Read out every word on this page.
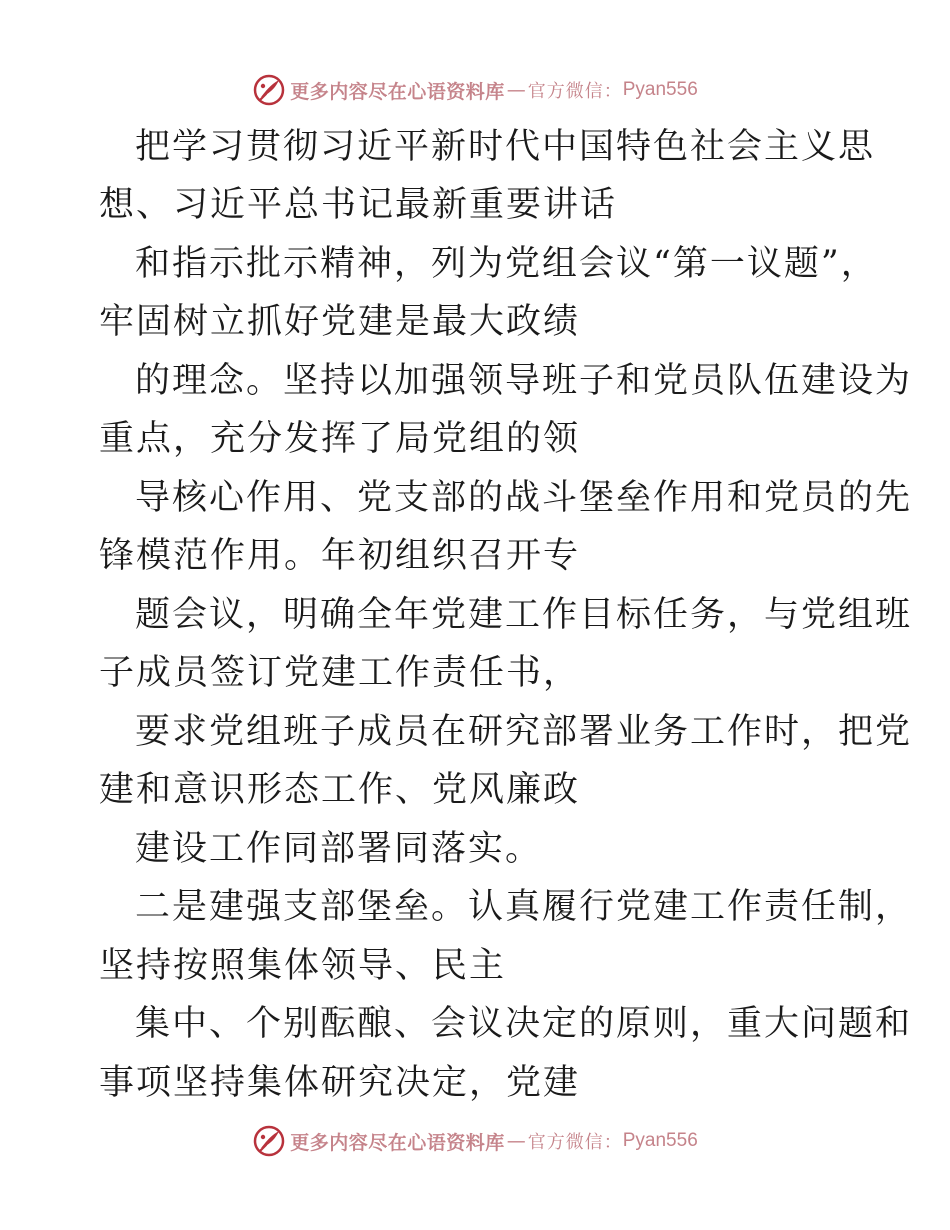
更多内容尽在心语资料库 — 官方微信： Pyan556
把学习贯彻习近平新时代中国特色社会主义思
想、习近平总书记最新重要讲话
和指示批示精神，列为党组会议“第一议题”，
牢固树立抓好党建是最大政绩
的理念。坚持以加强领导班子和党员队伍建设为
重点，充分发挥了局党组的领
导核心作用、党支部的战斗堡垒作用和党员的先
锋模范作用。年初组织召开专
题会议，明确全年党建工作目标任务，与党组班
子成员签订党建工作责任书，
要求党组班子成员在研究部署业务工作时，把党
建和意识形态工作、党风廉政
建设工作同部署同落实。
二是建强支部堡垒。认真履行党建工作责任制，
坚持按照集体领导、民主
集中、个别酝酿、会议决定的原则，重大问题和
事项坚持集体研究决定，党建
更多内容尽在心语资料库 — 官方微信： Pyan556
